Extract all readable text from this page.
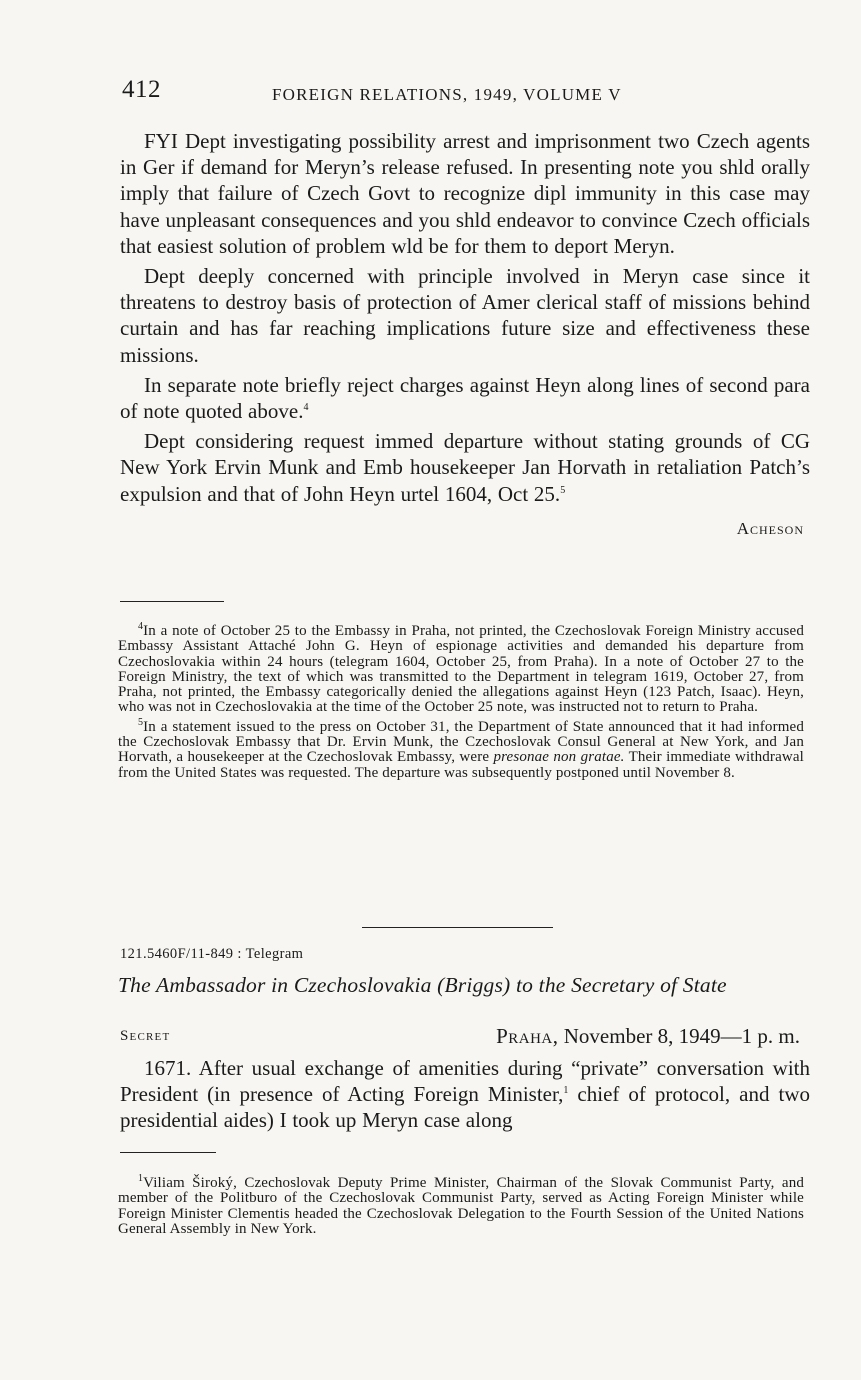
412	FOREIGN RELATIONS, 1949, VOLUME V

FYI Dept investigating possibility arrest and imprisonment two Czech agents in Ger if demand for Meryn’s release refused. In presenting note you shld orally imply that failure of Czech Govt to recognize dipl immunity in this case may have unpleasant consequences and you shld endeavor to convince Czech officials that easiest solution of problem wld be for them to deport Meryn.

Dept deeply concerned with principle involved in Meryn case since it threatens to destroy basis of protection of Amer clerical staff of missions behind curtain and has far reaching implications future size and effectiveness these missions.

In separate note briefly reject charges against Heyn along lines of second para of note quoted above.$^4$

Dept considering request immed departure without stating grounds of CG New York Ervin Munk and Emb housekeeper Jan Horvath in retaliation Patch’s expulsion and that of John Heyn urtel 1604, Oct 25.$^5$

Acheson

$^4$In a note of October 25 to the Embassy in Praha, not printed, the Czechoslovak Foreign Ministry accused Embassy Assistant Attaché John G. Heyn of espionage activities and demanded his departure from Czechoslovakia within 24 hours (telegram 1604, October 25, from Praha). In a note of October 27 to the Foreign Ministry, the text of which was transmitted to the Department in telegram 1619, October 27, from Praha, not printed, the Embassy categorically denied the allegations against Heyn (123 Patch, Isaac). Heyn, who was not in Czechoslovakia at the time of the October 25 note, was instructed not to return to Praha.

$^5$In a statement issued to the press on October 31, the Department of State announced that it had informed the Czechoslovak Embassy that Dr. Ervin Munk, the Czechoslovak Consul General at New York, and Jan Horvath, a housekeeper at the Czechoslovak Embassy, were presonae non gratae. Their immediate withdrawal from the United States was requested. The departure was subsequently postponed until November 8.

121.5460F/11-849 : Telegram
The Ambassador in Czechoslovakia (Briggs) to the Secretary of State
Secret	Praha, November 8, 1949—1 p. m.

1671. After usual exchange of amenities during “private” conversation with President (in presence of Acting Foreign Minister,$^1$ chief of protocol, and two presidential aides) I took up Meryn case along

$^1$Viliam Široký, Czechoslovak Deputy Prime Minister, Chairman of the Slovak Communist Party, and member of the Politburo of the Czechoslovak Communist Party, served as Acting Foreign Minister while Foreign Minister Clementis headed the Czechoslovak Delegation to the Fourth Session of the United Nations General Assembly in New York.
